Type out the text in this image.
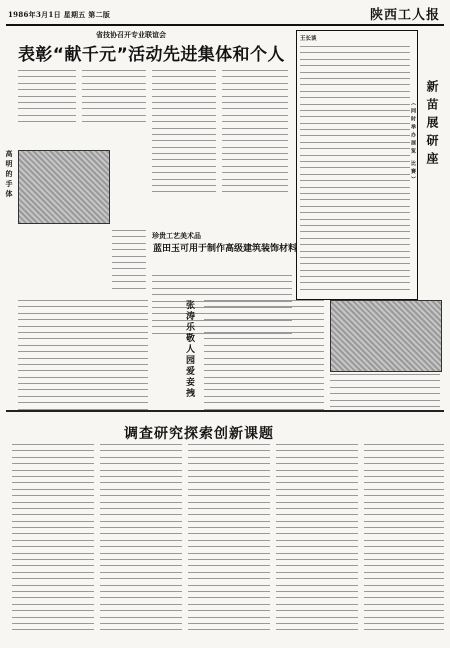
1986年3月1日 星期五 第二版	陕西工人报
省技协召开专业联谊会
表彰“献千元”活动先进集体和个人
高明的手体
珍贵工艺美术品
蓝田玉可用于制作高级建筑装饰材料
张涛乐敬人园爱妾拽
王长谈
新苗展研座
（同时举办展览 比赛）
调查研究探索创新课题
